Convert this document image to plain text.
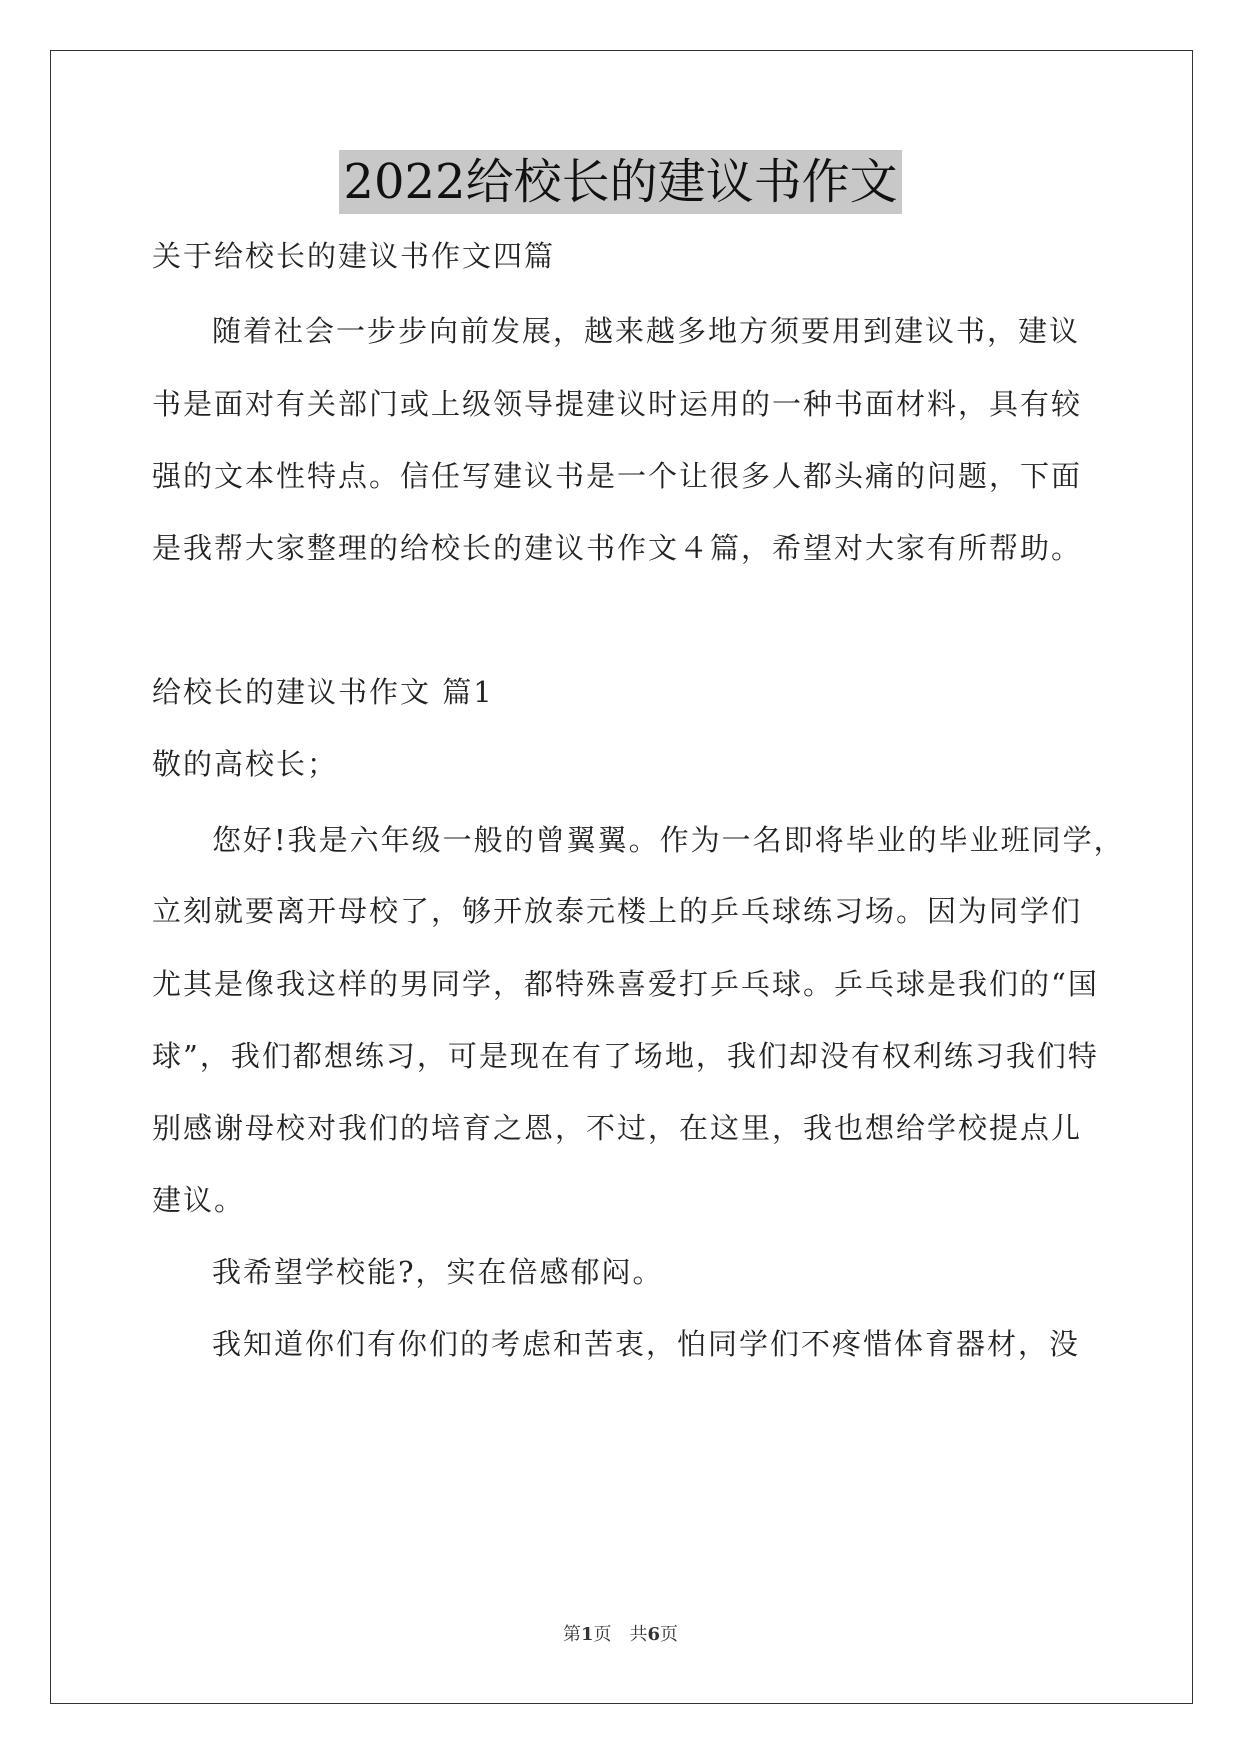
2022给校长的建议书作文
关于给校长的建议书作文四篇
随着社会一步步向前发展，越来越多地方须要用到建议书，建议
书是面对有关部门或上级领导提建议时运用的一种书面材料，具有较
强的文本性特点。信任写建议书是一个让很多人都头痛的问题，下面
是我帮大家整理的给校长的建议书作文４篇，希望对大家有所帮助。
给校长的建议书作文 篇1
敬的高校长；
您好!我是六年级一般的曾翼翼。作为一名即将毕业的毕业班同学，
立刻就要离开母校了，够开放泰元楼上的乒乓球练习场。因为同学们
尤其是像我这样的男同学，都特殊喜爱打乒乓球。乒乓球是我们的“国
球”，我们都想练习，可是现在有了场地，我们却没有权利练习我们特
别感谢母校对我们的培育之恩，不过，在这里，我也想给学校提点儿
建议。
我希望学校能?，实在倍感郁闷。
我知道你们有你们的考虑和苦衷，怕同学们不疼惜体育器材，没
第1页　共6页
